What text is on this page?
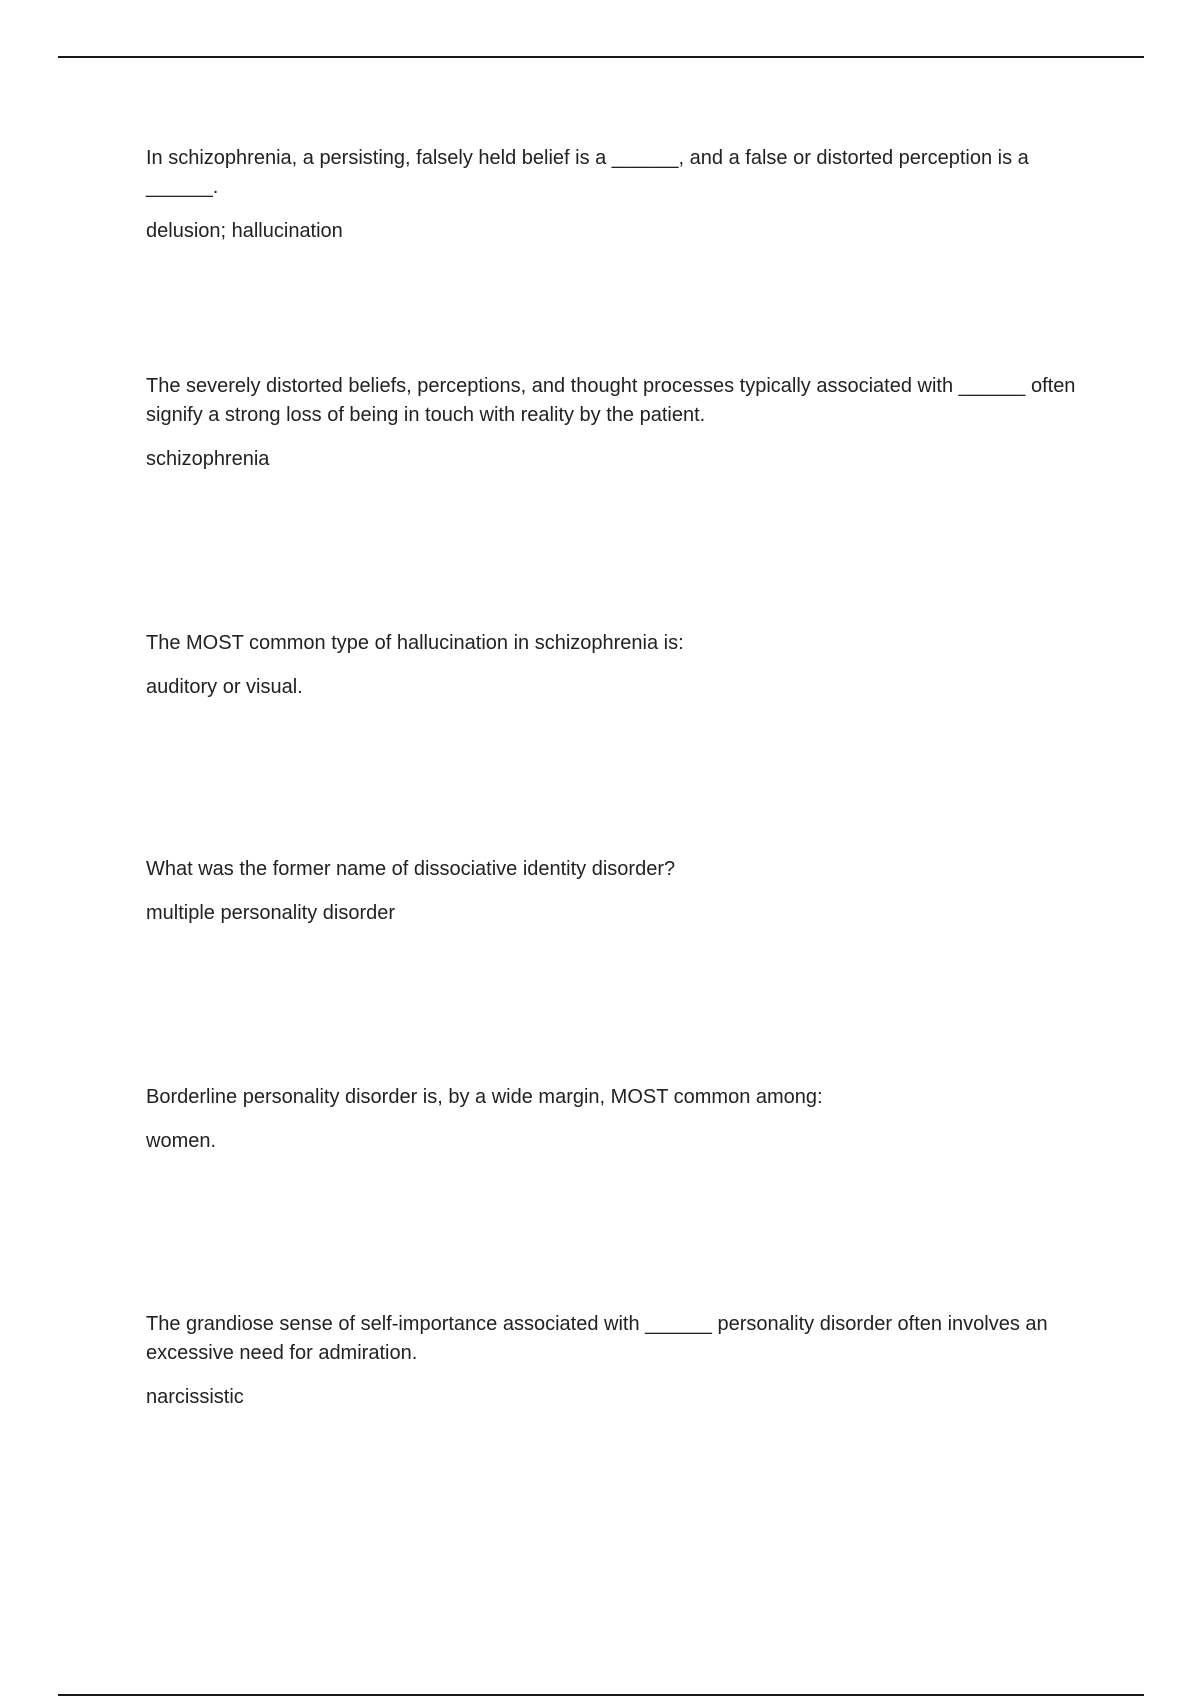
In schizophrenia, a persisting, falsely held belief is a ______, and a false or distorted perception is a ______.

delusion; hallucination

The severely distorted beliefs, perceptions, and thought processes typically associated with ______ often signify a strong loss of being in touch with reality by the patient.

schizophrenia

The MOST common type of hallucination in schizophrenia is:

auditory or visual.

What was the former name of dissociative identity disorder?

multiple personality disorder

Borderline personality disorder is, by a wide margin, MOST common among:

women.

The grandiose sense of self-importance associated with ______ personality disorder often involves an excessive need for admiration.

narcissistic
